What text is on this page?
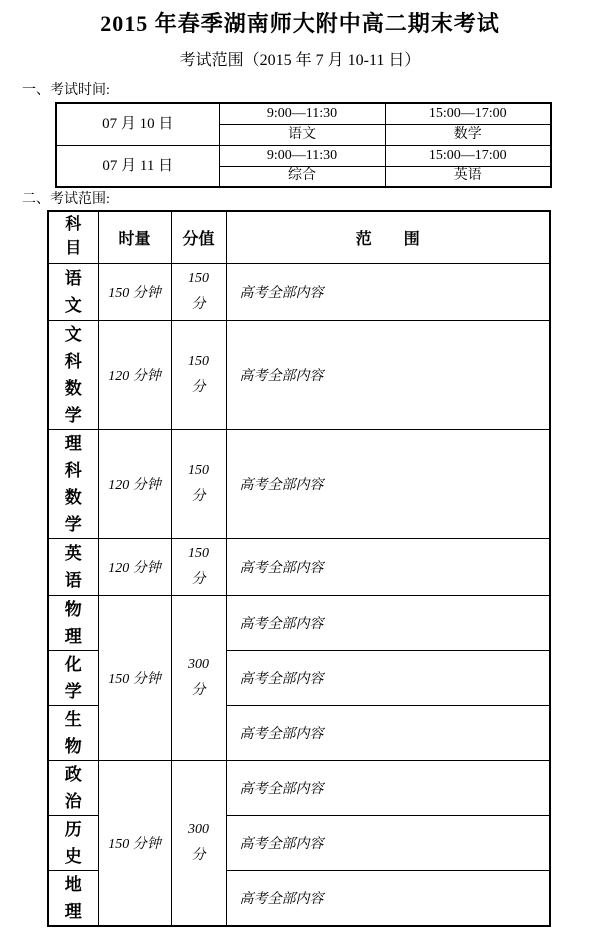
2015 年春季湖南师大附中高二期末考试
考试范围（2015 年 7 月 10-11 日）
一、考试时间:
07 月 10 日	9:00—11:30	15:00—17:00
	语文	数学
07 月 11 日	9:00—11:30	15:00—17:00
	综合	英语
二、考试范围:
科目	时量	分值	范　　围

语文	150 分钟	150 分	高考全部内容

文科数学	120 分钟	150 分	高考全部内容

理科数学	120 分钟	150 分	高考全部内容

英语	120 分钟	150 分	高考全部内容

物理	150 分钟	300 分	高考全部内容

化学			高考全部内容

生物			高考全部内容

政治	150 分钟	300 分	高考全部内容

历史			高考全部内容

地理			高考全部内容
